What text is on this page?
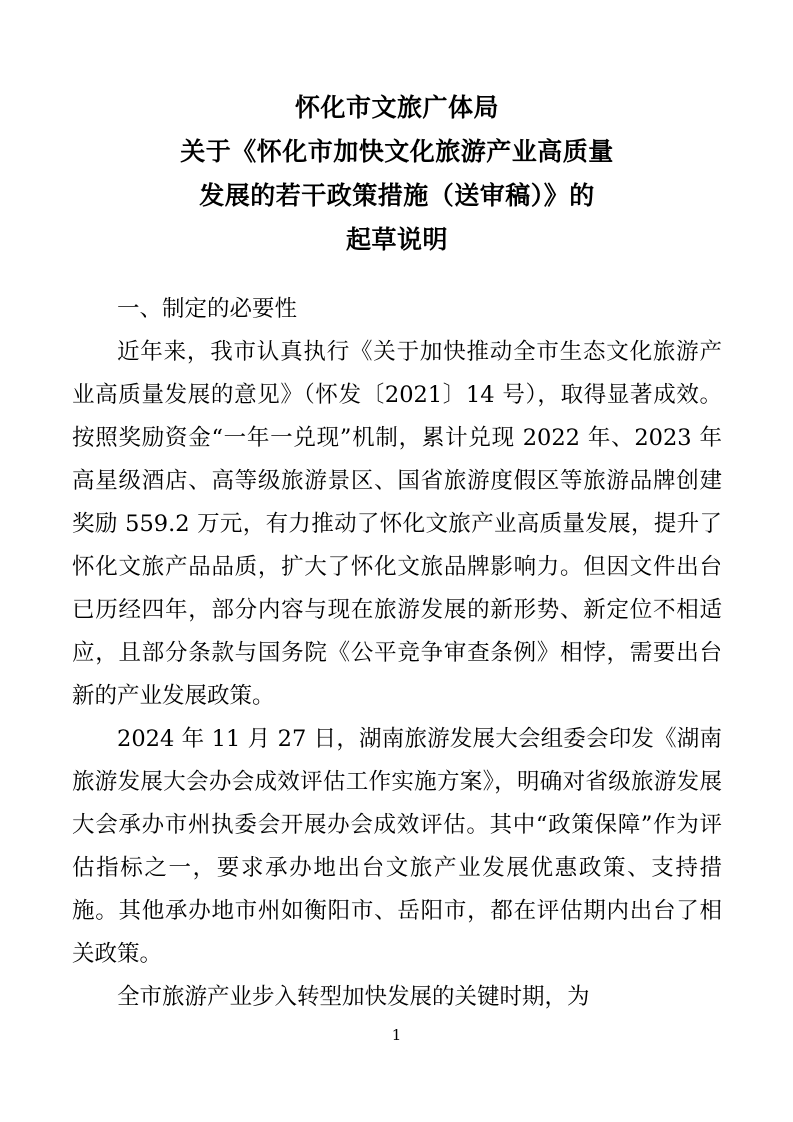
怀化市文旅广体局
关于《怀化市加快文化旅游产业高质量
发展的若干政策措施（送审稿）》的
起草说明

一、制定的必要性

近年来，我市认真执行《关于加快推动全市生态文化旅游产业高质量发展的意见》（怀发〔2021〕14 号），取得显著成效。按照奖励资金“一年一兑现”机制，累计兑现 2022 年、2023 年高星级酒店、高等级旅游景区、国省旅游度假区等旅游品牌创建奖励 559.2 万元，有力推动了怀化文旅产业高质量发展，提升了怀化文旅产品品质，扩大了怀化文旅品牌影响力。但因文件出台已历经四年，部分内容与现在旅游发展的新形势、新定位不相适应，且部分条款与国务院《公平竞争审查条例》相悖，需要出台新的产业发展政策。

2024 年 11 月 27 日，湖南旅游发展大会组委会印发《湖南旅游发展大会办会成效评估工作实施方案》，明确对省级旅游发展大会承办市州执委会开展办会成效评估。其中“政策保障”作为评估指标之一，要求承办地出台文旅产业发展优惠政策、支持措施。其他承办地市州如衡阳市、岳阳市，都在评估期内出台了相关政策。

全市旅游产业步入转型加快发展的关键时期，为

1
